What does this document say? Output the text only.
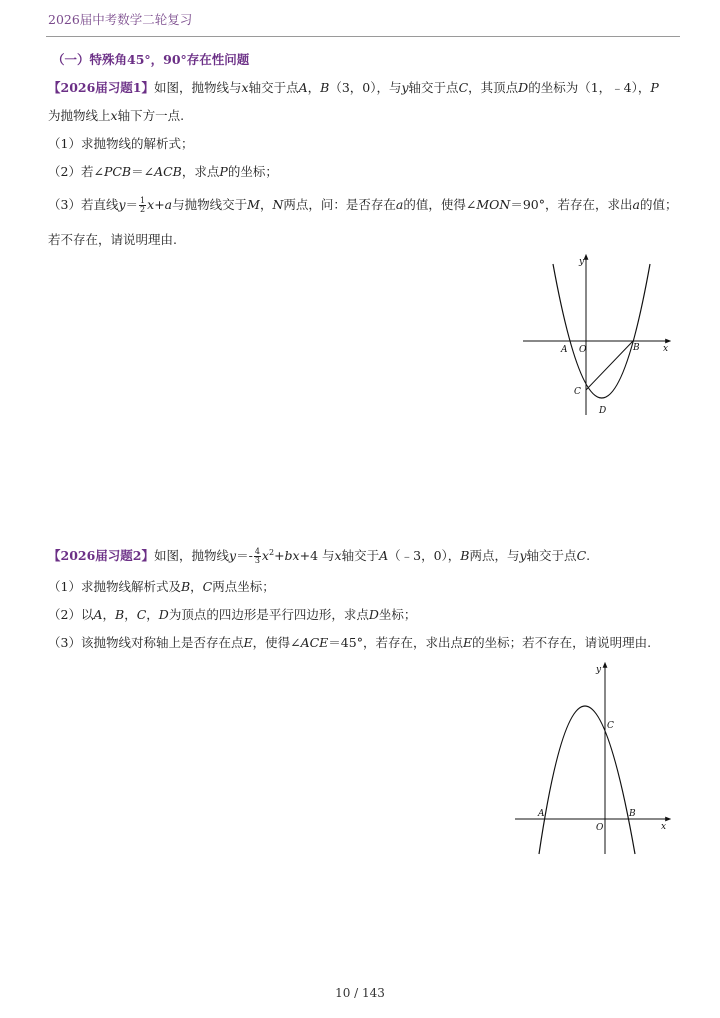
2026届中考数学二轮复习
（一）特殊角45°，90°存在性问题
【2026届习题1】如图，抛物线与x轴交于点A，B（3，0），与y轴交于点C，其顶点D的坐标为（1，﹣4），P
为抛物线上x轴下方一点.
（1）求抛物线的解析式；
（2）若∠PCB＝∠ACB，求点P的坐标；
（3）若直线$y= \frac{1}{2} x+a$与抛物线交于M，N两点，问：是否存在a的值，使得∠MON＝90°，若存在，求出a的值；
若不存在，请说明理由.
y
x
A O	B
C
D
【2026届习题2】如图，抛物线$y=- \frac{4}{3} x^2+bx+4$ 与x轴交于A（﹣3，0），B两点，与y轴交于点C.
（1）求抛物线解析式及B，C两点坐标；
（2）以A，B，C，D为顶点的四边形是平行四边形，求点D坐标；
（3）该抛物线对称轴上是否存在点E，使得∠ACE＝45°，若存在，求出点E的坐标；若不存在，请说明理由.
y
x
C
A	B
O
10 / 143
